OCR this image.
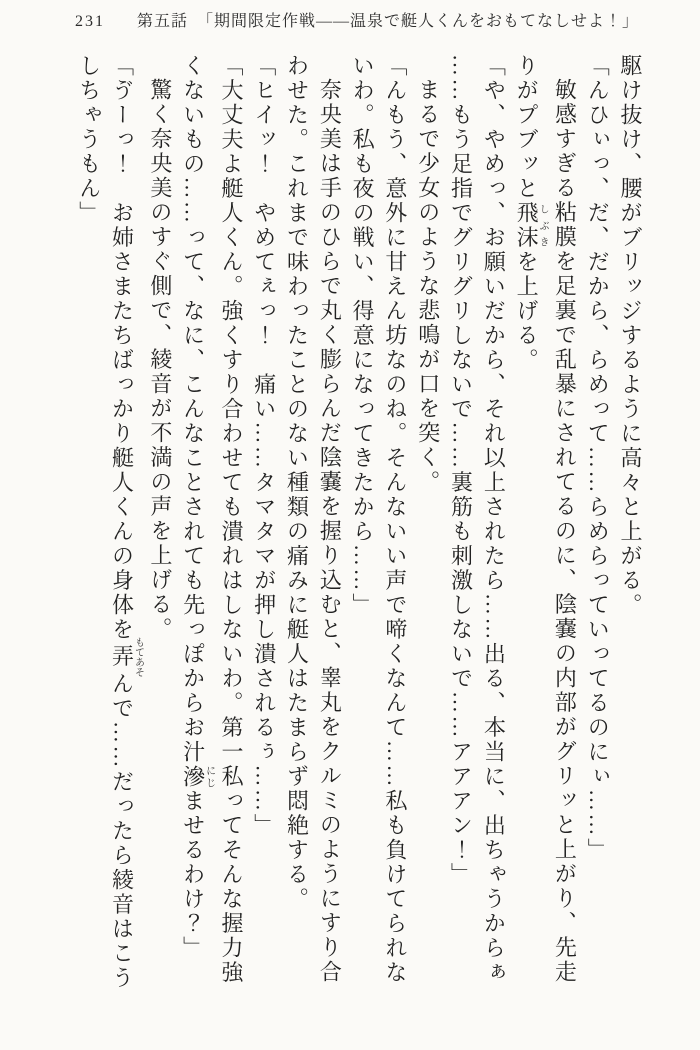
231 第五話　「期間限定作戦――温泉で艇人くんをおもてなしせよ！」
駆け抜け、腰がブリッジするように高々と上がる。
「んひぃっ、だ、だから、らめって……らめらっていってるのにぃ……」
敏感すぎる粘膜を足裏で乱暴にされてるのに、陰嚢の内部がグリッと上がり、先走
りがプブッと飛沫しぶきを上げる。
「や、やめっ、お願いだから、それ以上されたら……出る、本当に、出ちゃうからぁ
……もう足指でグリグリしないで……裏筋も刺激しないで……アアアン！」
まるで少女のような悲鳴が口を突く。
「んもう、意外に甘えん坊なのね。そんないい声で啼くなんて……私も負けてられな
いわ。私も夜の戦い、得意になってきたから……」
奈央美は手のひらで丸く膨らんだ陰嚢を握り込むと、睾丸をクルミのようにすり合
わせた。これまで味わったことのない種類の痛みに艇人はたまらず悶絶する。
「ヒイッ！　やめてぇっ！　痛い……タマタマが押し潰されるぅ……」
「大丈夫よ艇人くん。強くすり合わせても潰れはしないわ。第一私ってそんな握力強
くないもの……って、なに、こんなことされても先っぽからお汁滲にじませるわけ？」
驚く奈央美のすぐ側で、綾音が不満の声を上げる。
「ゔーっ！　お姉さまたちばっかり艇人くんの身体を弄もてあそんで……だったら綾音はこう
しちゃうもん」
